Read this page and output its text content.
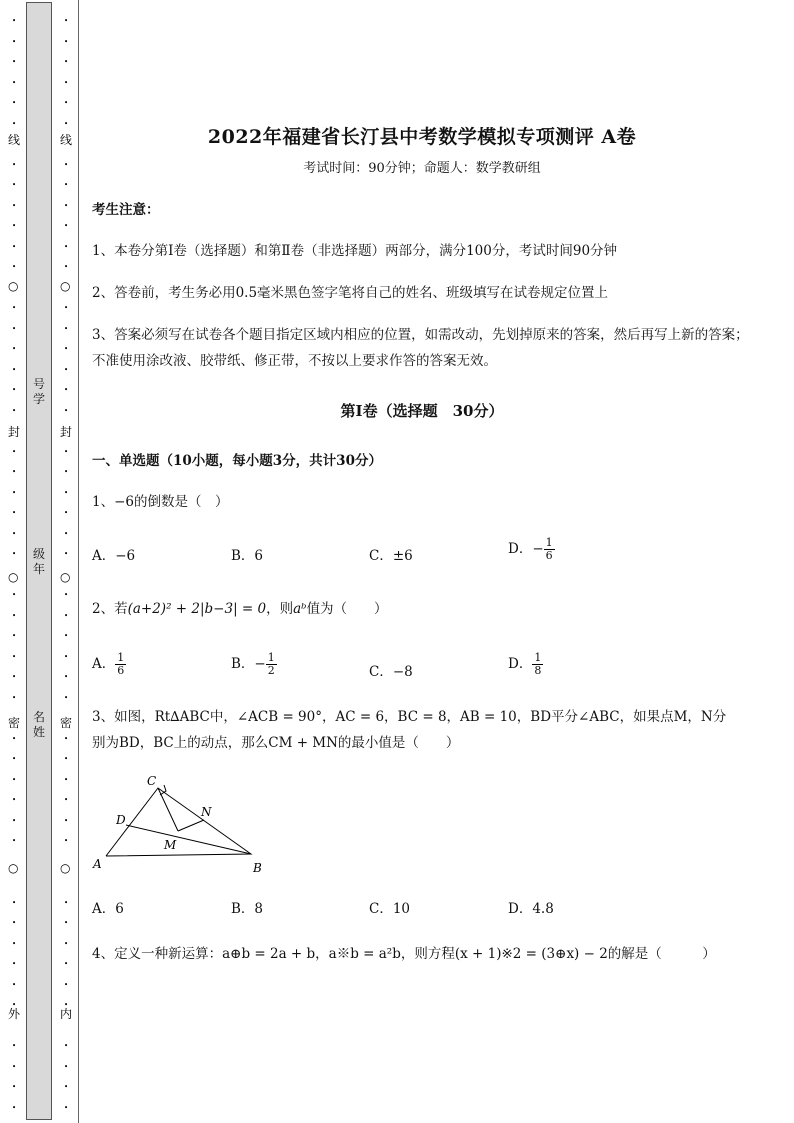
•
•
•
•
•
•
•
•
•
•
•
•
•
•
•
•
•
•
•
•
•
•
•
•
•
•
•
•
•
•
•
•
•
•
•
•
•
•
•
•
•
•
•
•
•
•
线
○
封
○
密
○
外
•
•
•
•
•
•
•
•
•
•
•
•
•
•
•
•
•
•
•
•
•
•
•
•
•
•
•
•
•
•
•
•
•
•
•
•
•
•
•
•
•
•
•
•
•
•
线
○
封
○
密
○
内
号学
级年
名姓
2022年福建省长汀县中考数学模拟专项测评 A卷
考试时间：90分钟；命题人：数学教研组
考生注意：
1、本卷分第Ⅰ卷（选择题）和第Ⅱ卷（非选择题）两部分，满分100分，考试时间90分钟
2、答卷前，考生务必用0.5毫米黑色签字笔将自己的姓名、班级填写在试卷规定位置上
3、答案必须写在试卷各个题目指定区域内相应的位置，如需改动，先划掉原来的答案，然后再写上新的答案；不准使用涂改液、胶带纸、修正带，不按以上要求作答的答案无效。
第Ⅰ卷（选择题　30分）
一、单选题（10小题，每小题3分，共计30分）
1、−6的倒数是（　）
A．−6	B．6	C．±6	D．− $\frac{1}{6}$
2、若(a+2)² + 2|b−3| = 0，则aᵇ值为（　　）
A． $\frac{1}{6}$	B．− $\frac{1}{2}$	C．−8	D． $\frac{1}{8}$
3、如图，Rt∆ABC中，∠ACB = 90°，AC = 6，BC = 8，AB = 10，BD平分∠ABC，如果点M，N分
别为BD，BC上的动点，那么CM + MN的最小值是（　　）
C
D
N
M
A	B
A．6	B．8	C．10	D．4.8
4、定义一种新运算：a⊕b = 2a + b，a※b = a²b，则方程(x + 1)※2 = (3⊕x) − 2的解是（　　　）
